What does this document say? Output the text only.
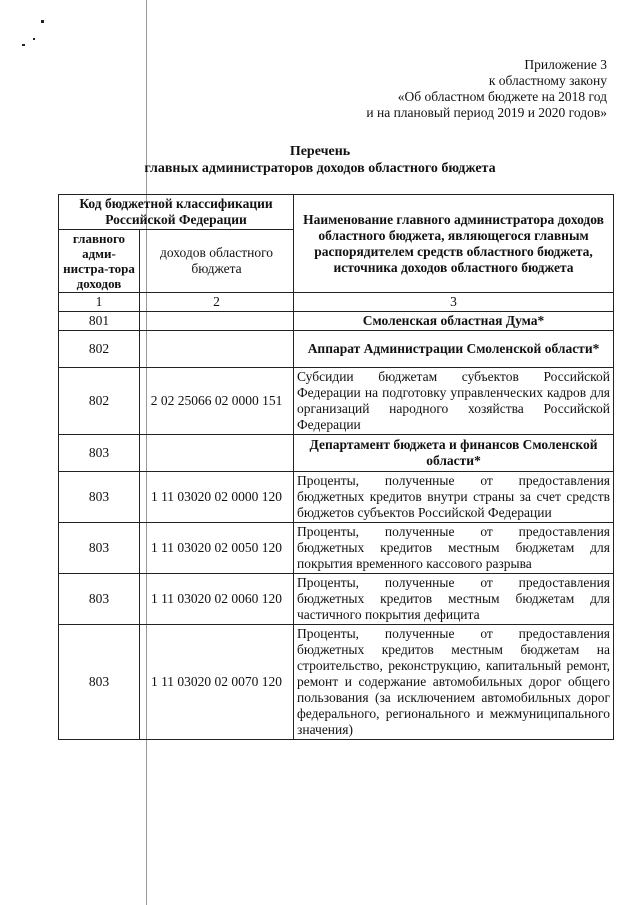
Приложение 3
к областному закону
«Об областном бюджете на 2018 год
и на плановый период 2019 и 2020 годов»
Перечень
главных администраторов доходов областного бюджета
Код бюджетной классификации Российской Федерации		Наименование главного администратора доходов областного бюджета, являющегося главным распорядителем средств областного бюджета, источника доходов областного бюджета
главного адми-нистра-тора доходов	доходов областного бюджета	
1	2	3
801		Смоленская областная Дума*
802		Аппарат Администрации Смоленской области*
802	2 02 25066 02 0000 151	Субсидии бюджетам субъектов Российской Федерации на подготовку управленческих кадров для организаций народного хозяйства Российской Федерации
803		Департамент бюджета и финансов Смоленской области*
803	1 11 03020 02 0000 120	Проценты, полученные от предоставления бюджетных кредитов внутри страны за счет средств бюджетов субъектов Российской Федерации
803	1 11 03020 02 0050 120	Проценты, полученные от предоставления бюджетных кредитов местным бюджетам для покрытия временного кассового разрыва
803	1 11 03020 02 0060 120	Проценты, полученные от предоставления бюджетных кредитов местным бюджетам для частичного покрытия дефицита
803	1 11 03020 02 0070 120	Проценты, полученные от предоставления бюджетных кредитов местным бюджетам на строительство, реконструкцию, капитальный ремонт, ремонт и содержание автомобильных дорог общего пользования (за исключением автомобильных дорог федерального, регионального и межмуниципального значения)
